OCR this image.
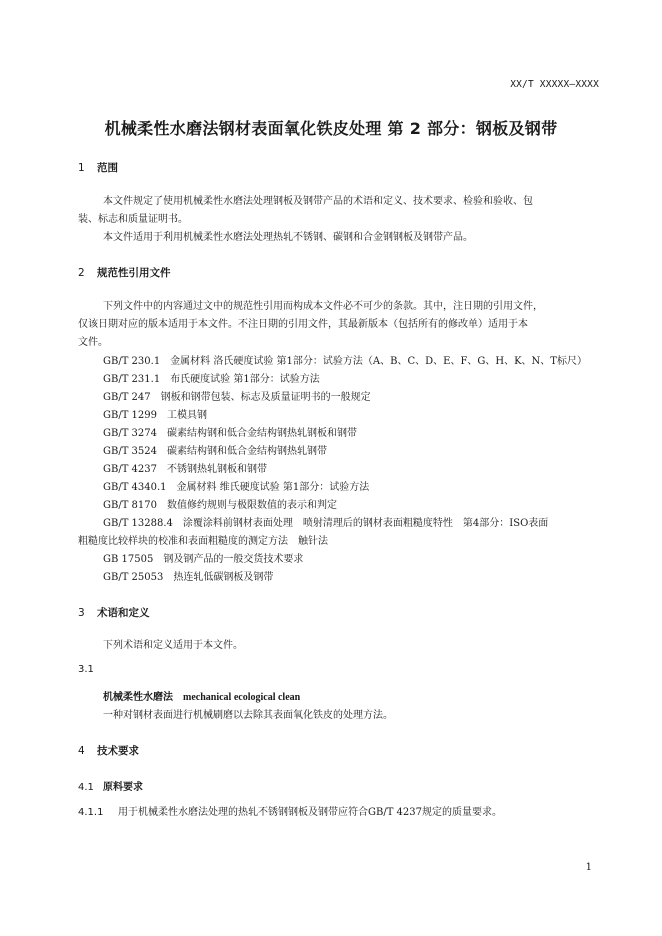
XX/T XXXXX—XXXX
机械柔性水磨法钢材表面氧化铁皮处理 第 2 部分：钢板及钢带
1 范围
本文件规定了使用机械柔性水磨法处理钢板及钢带产品的术语和定义、技术要求、检验和验收、包
装、标志和质量证明书。
本文件适用于利用机械柔性水磨法处理热轧不锈钢、碳钢和合金钢钢板及钢带产品。
2 规范性引用文件
下列文件中的内容通过文中的规范性引用而构成本文件必不可少的条款。其中，注日期的引用文件，
仅该日期对应的版本适用于本文件。不注日期的引用文件，其最新版本（包括所有的修改单）适用于本
文件。
GB/T 230.1　金属材料 洛氏硬度试验 第1部分：试验方法（A、B、C、D、E、F、G、H、K、N、T标尺）
GB/T 231.1　布氏硬度试验 第1部分：试验方法
GB/T 247　钢板和钢带包装、标志及质量证明书的一般规定
GB/T 1299　工模具钢
GB/T 3274　碳素结构钢和低合金结构钢热轧钢板和钢带
GB/T 3524　碳素结构钢和低合金结构钢热轧钢带
GB/T 4237　不锈钢热轧钢板和钢带
GB/T 4340.1　金属材料 维氏硬度试验 第1部分：试验方法
GB/T 8170　数值修约规则与极限数值的表示和判定
GB/T 13288.4　涂覆涂料前钢材表面处理　喷射清理后的钢材表面粗糙度特性　第4部分：ISO表面
粗糙度比较样块的校准和表面粗糙度的测定方法　触针法
GB 17505　钢及钢产品的一般交货技术要求
GB/T 25053　热连轧低碳钢板及钢带
3 术语和定义
下列术语和定义适用于本文件。
3.1
机械柔性水磨法 mechanical ecological clean
一种对钢材表面进行机械刷磨以去除其表面氧化铁皮的处理方法。
4 技术要求
4.1 原料要求
4.1.1 用于机械柔性水磨法处理的热轧不锈钢钢板及钢带应符合GB/T 4237规定的质量要求。
1
